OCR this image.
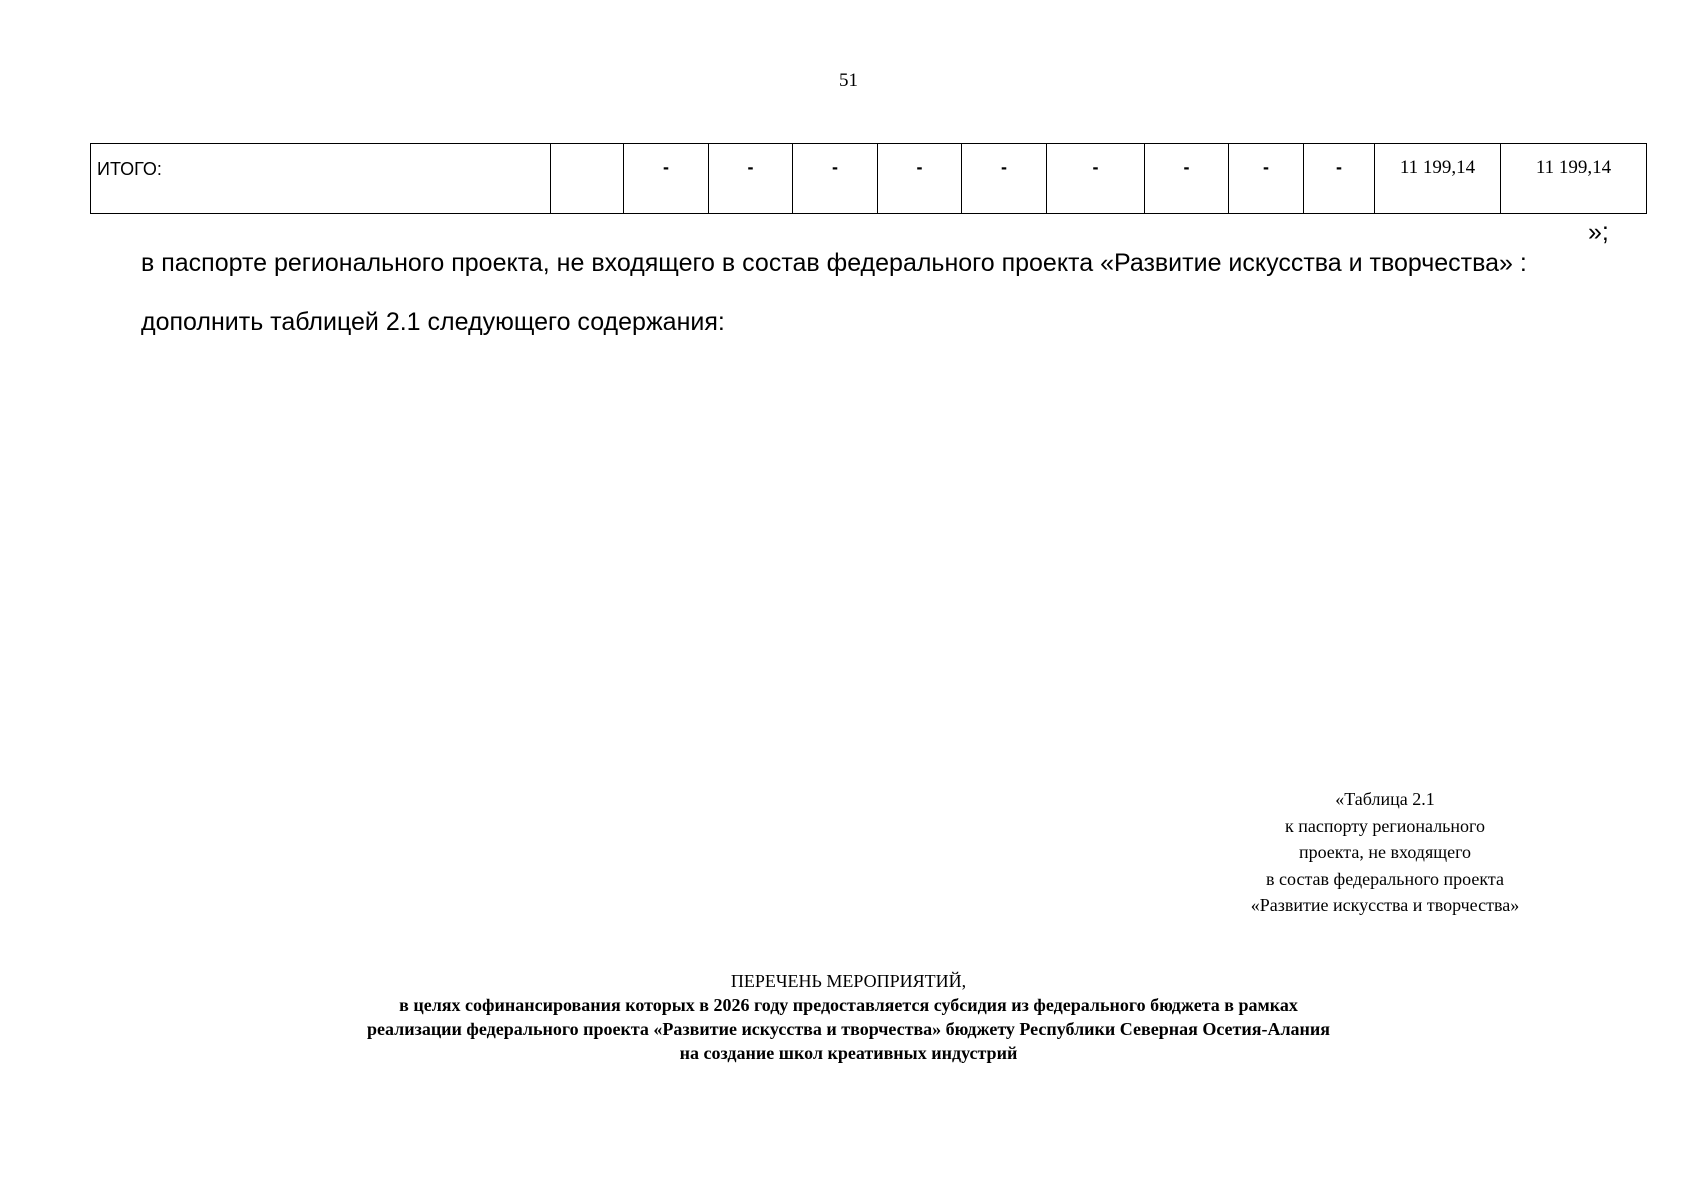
51
ИТОГО:		-	-	-	-	-	-	-	-	-	11 199,14	11 199,14
»;
в паспорте регионального проекта, не входящего в состав федерального проекта «Развитие искусства и творчества» :
дополнить таблицей 2.1 следующего содержания:
«Таблица 2.1
к паспорту регионального
проекта, не входящего
в состав федерального проекта
«Развитие искусства и творчества»
ПЕРЕЧЕНЬ МЕРОПРИЯТИЙ,
в целях софинансирования которых в 2026 году предоставляется субсидия из федерального бюджета в рамках
реализации федерального проекта «Развитие искусства и творчества» бюджету Республики Северная Осетия-Алания
на создание школ креативных индустрий
